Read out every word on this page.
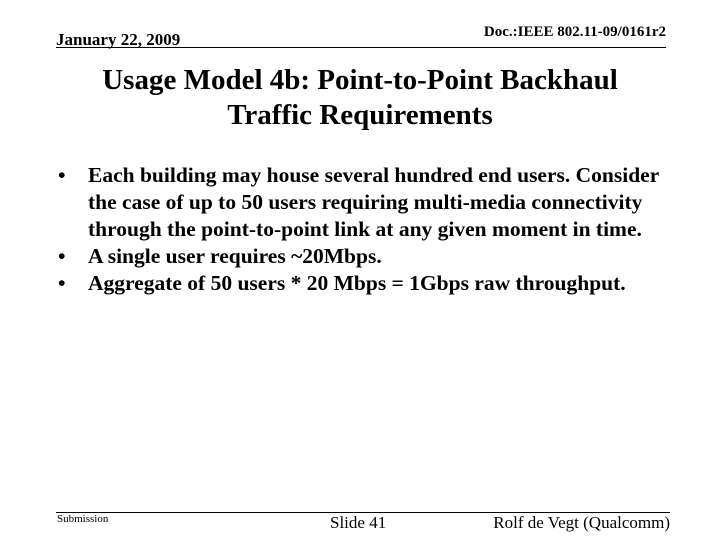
January 22, 2009	Doc.:IEEE 802.11-09/0161r2
Usage Model 4b: Point-to-Point Backhaul
Traffic Requirements
•	Each building may house several hundred end users. Consider the case of up to 50 users requiring multi-media connectivity through the point-to-point link at any given moment in time.
•	A single user requires ~20Mbps.
•	Aggregate of 50 users * 20 Mbps = 1Gbps raw throughput.
Submission	Slide 41	Rolf de Vegt (Qualcomm)
